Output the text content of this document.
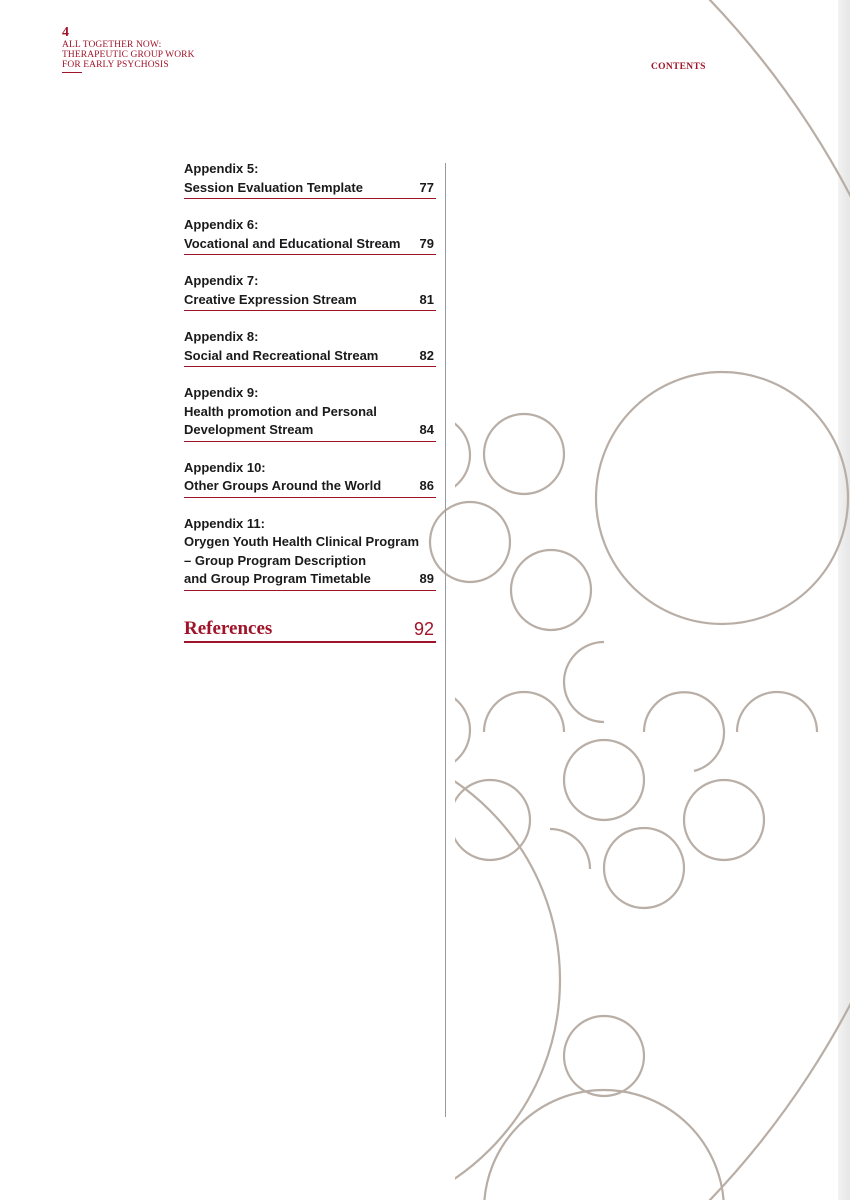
4
ALL TOGETHER NOW:
THERAPEUTIC GROUP WORK
FOR EARLY PSYCHOSIS	CONTENTS
Appendix 5:
Session Evaluation Template	77
Appendix 6:
Vocational and Educational Stream 79
Appendix 7:
Creative Expression Stream	81
Appendix 8:
Social and Recreational Stream	82
Appendix 9:
Health promotion and Personal
Development Stream	84
Appendix 10:
Other Groups Around the World	86
Appendix 11:
Orygen Youth Health Clinical Program
– Group Program Description
and Group Program Timetable	89
References	92
